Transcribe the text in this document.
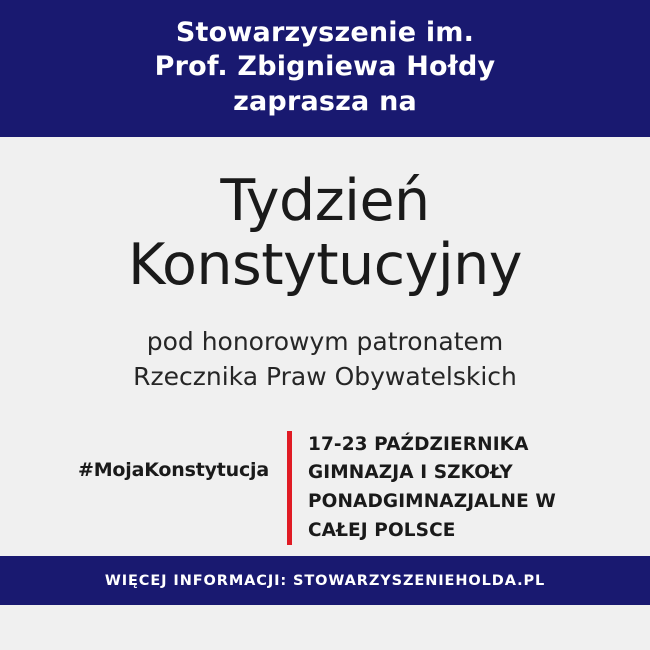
Stowarzyszenie im.
Prof. Zbigniewa Hołdy
zaprasza na
Tydzień
Konstytucyjny
pod honorowym patronatem
Rzecznika Praw Obywatelskich
#MojaKonstytucja
17-23 PAŹDZIERNIKA
GIMNAZJA I SZKOŁY
PONADGIMNAZJALNE W
CAŁEJ POLSCE
WIĘCEJ INFORMACJI: STOWARZYSZENIEHOLDA.PL
